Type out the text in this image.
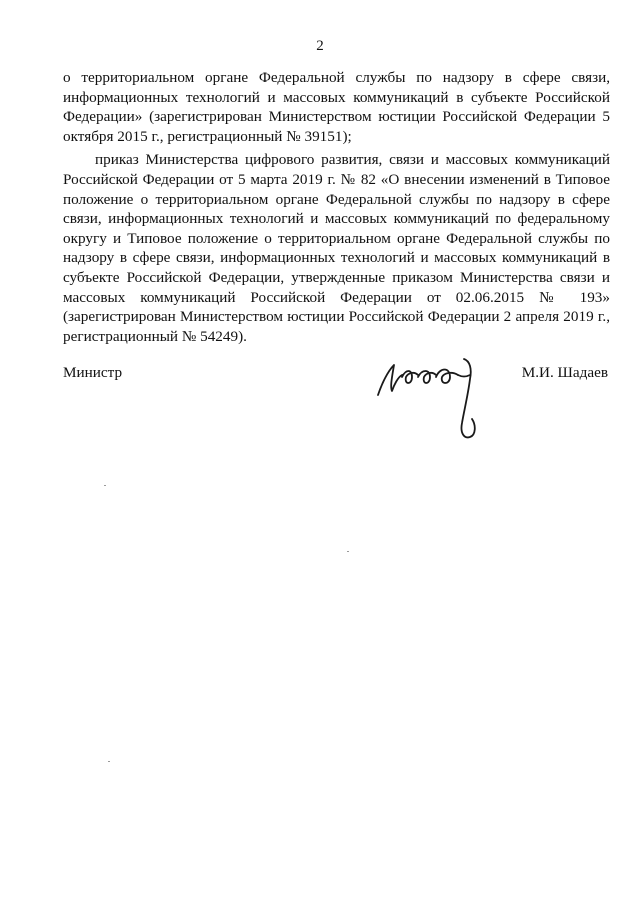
2

о территориальном органе Федеральной службы по надзору в сфере связи, информационных технологий и массовых коммуникаций в субъекте Российской Федерации» (зарегистрирован Министерством юстиции Российской Федерации 5 октября 2015 г., регистрационный № 39151);

приказ Министерства цифрового развития, связи и массовых коммуникаций Российской Федерации от 5 марта 2019 г. № 82 «О внесении изменений в Типовое положение о территориальном органе Федеральной службы по надзору в сфере связи, информационных технологий и массовых коммуникаций по федеральному округу и Типовое положение о территориальном органе Федеральной службы по надзору в сфере связи, информационных технологий и массовых коммуникаций в субъекте Российской Федерации, утвержденные приказом Министерства связи и массовых коммуникаций Российской Федерации от 02.06.2015 № 193» (зарегистрирован Министерством юстиции Российской Федерации 2 апреля 2019 г., регистрационный № 54249).

Министр	М.И. Шадаев
